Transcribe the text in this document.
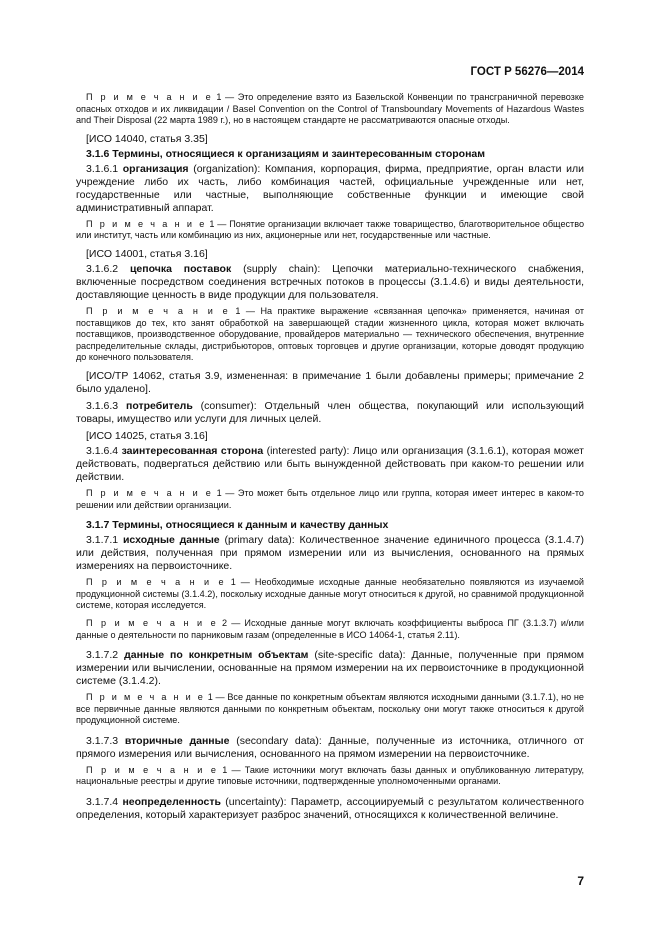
ГОСТ Р 56276—2014

П р и м е ч а н и е 1 — Это определение взято из Базельской Конвенции по трансграничной перевозке опасных отходов и их ликвидации / Basel Convention on the Control of Transboundary Movements of Hazardous Wastes and Their Disposal (22 марта 1989 г.), но в настоящем стандарте не рассматриваются опасные отходы.

[ИСО 14040, статья 3.35]

3.1.6 Термины, относящиеся к организациям и заинтересованным сторонам

3.1.6.1 организация (organization): Компания, корпорация, фирма, предприятие, орган власти или учреждение либо их часть, либо комбинация частей, официальные учрежденные или нет, государственные или частные, выполняющие собственные функции и имеющие свой административный аппарат.

П р и м е ч а н и е 1 — Понятие организации включает также товарищество, благотворительное общество или институт, часть или комбинацию из них, акционерные или нет, государственные или частные.

[ИСО 14001, статья 3.16]

3.1.6.2 цепочка поставок (supply chain): Цепочки материально-технического снабжения, включенные посредством соединения встречных потоков в процессы (3.1.4.6) и виды деятельности, доставляющие ценность в виде продукции для пользователя.

П р и м е ч а н и е 1 — На практике выражение «связанная цепочка» применяется, начиная от поставщиков до тех, кто занят обработкой на завершающей стадии жизненного цикла, которая может включать поставщиков, производственное оборудование, провайдеров материально — технического обеспечения, внутренние распределительные склады, дистрибьюторов, оптовых торговцев и другие организации, которые доводят продукцию до конечного пользователя.

[ИСО/ТР 14062, статья 3.9, измененная: в примечание 1 были добавлены примеры; примечание 2 было удалено].

3.1.6.3 потребитель (consumer): Отдельный член общества, покупающий или использующий товары, имущество или услуги для личных целей.

[ИСО 14025, статья 3.16]

3.1.6.4 заинтересованная сторона (interested party): Лицо или организация (3.1.6.1), которая может действовать, подвергаться действию или быть вынужденной действовать при каком-то решении или действии.

П р и м е ч а н и е 1 — Это может быть отдельное лицо или группа, которая имеет интерес в каком-то решении или действии организации.

3.1.7 Термины, относящиеся к данным и качеству данных

3.1.7.1 исходные данные (primary data): Количественное значение единичного процесса (3.1.4.7) или действия, полученная при прямом измерении или из вычисления, основанного на прямых измерениях на первоисточнике.

П р и м е ч а н и е 1 — Необходимые исходные данные необязательно появляются из изучаемой продукционной системы (3.1.4.2), поскольку исходные данные могут относиться к другой, но сравнимой продукционной системе, которая исследуется.

П р и м е ч а н и е 2 — Исходные данные могут включать коэффициенты выброса ПГ (3.1.3.7) и/или данные о деятельности по парниковым газам (определенные в ИСО 14064-1, статья 2.11).

3.1.7.2 данные по конкретным объектам (site-specific data): Данные, полученные при прямом измерении или вычислении, основанные на прямом измерении на их первоисточнике в продукционной системе (3.1.4.2).

П р и м е ч а н и е 1 — Все данные по конкретным объектам являются исходными данными (3.1.7.1), но не все первичные данные являются данными по конкретным объектам, поскольку они могут также относиться к другой продукционной системе.

3.1.7.3 вторичные данные (secondary data): Данные, полученные из источника, отличного от прямого измерения или вычисления, основанного на прямом измерении на первоисточнике.

П р и м е ч а н и е 1 — Такие источники могут включать базы данных и опубликованную литературу, национальные реестры и другие типовые источники, подтвержденные уполномоченными органами.

3.1.7.4 неопределенность (uncertainty): Параметр, ассоциируемый с результатом количественного определения, который характеризует разброс значений, относящихся к количественной величине.

7
